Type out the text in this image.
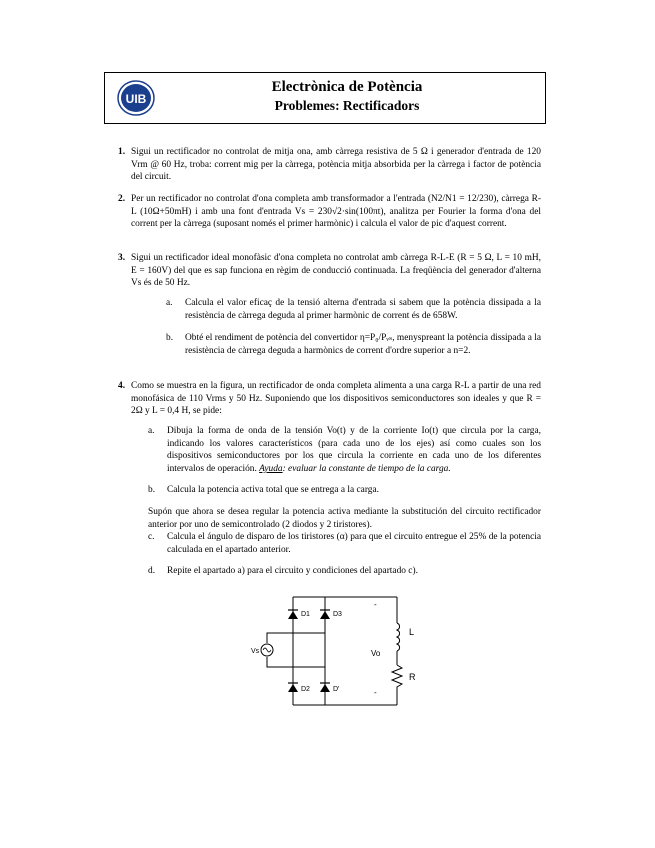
UIB
Electrònica de Potència
Problemes: Rectificadors
1. Sigui un rectificador no controlat de mitja ona, amb càrrega resistiva de 5 Ω i generador d'entrada de 120 Vrm @ 60 Hz, troba: corrent mig per la càrrega, potència mitja absorbida per la càrrega i factor de potència del circuit.
2. Per un rectificador no controlat d'ona completa amb transformador a l'entrada (N2/N1 = 12/230), càrrega R-L (10Ω+50mH) i amb una font d'entrada Vs = 230√2·sin(100πt), analitza per Fourier la forma d'ona del corrent per la càrrega (suposant només el primer harmònic) i calcula el valor de pic d'aquest corrent.
3. Sigui un rectificador ideal monofàsic d'ona completa no controlat amb càrrega R-L-E (R = 5 Ω, L = 10 mH, E = 160V) del que es sap funciona en règim de conducció continuada. La freqüència del generador d'alterna Vs és de 50 Hz.
a. Calcula el valor eficaç de la tensió alterna d'entrada si sabem que la potència dissipada a la resistència de càrrega deguda al primer harmònic de corrent és de 658W.
b. Obté el rendiment de potència del convertidor η=P₀/Pᵥₛ, menyspreant la potència dissipada a la resistència de càrrega deguda a harmònics de corrent d'ordre superior a n=2.
4. Como se muestra en la figura, un rectificador de onda completa alimenta a una carga R-L a partir de una red monofásica de 110 Vrms y 50 Hz. Suponiendo que los dispositivos semiconductores son ideales y que R = 2Ω y L = 0,4 H, se pide:
a. Dibuja la forma de onda de la tensión Vo(t) y de la corriente Io(t) que circula por la carga, indicando los valores característicos (para cada uno de los ejes) así como cuales son los dispositivos semiconductores por los que circula la corriente en cada uno de los diferentes intervalos de operación. Ayuda: evaluar la constante de tiempo de la carga.
b. Calcula la potencia activa total que se entrega a la carga.
Supón que ahora se desea regular la potencia activa mediante la substitución del circuito rectificador anterior por uno de semicontrolado (2 diodos y 2 tiristores).
c. Calcula el ángulo de disparo de los tiristores (α) para que el circuito entregue el 25% de la potencia calculada en el apartado anterior.
d. Repite el apartado a) para el circuito y condiciones del apartado c).
D1	D3
D2	D'
Vs	Vo
L
R
-
-
